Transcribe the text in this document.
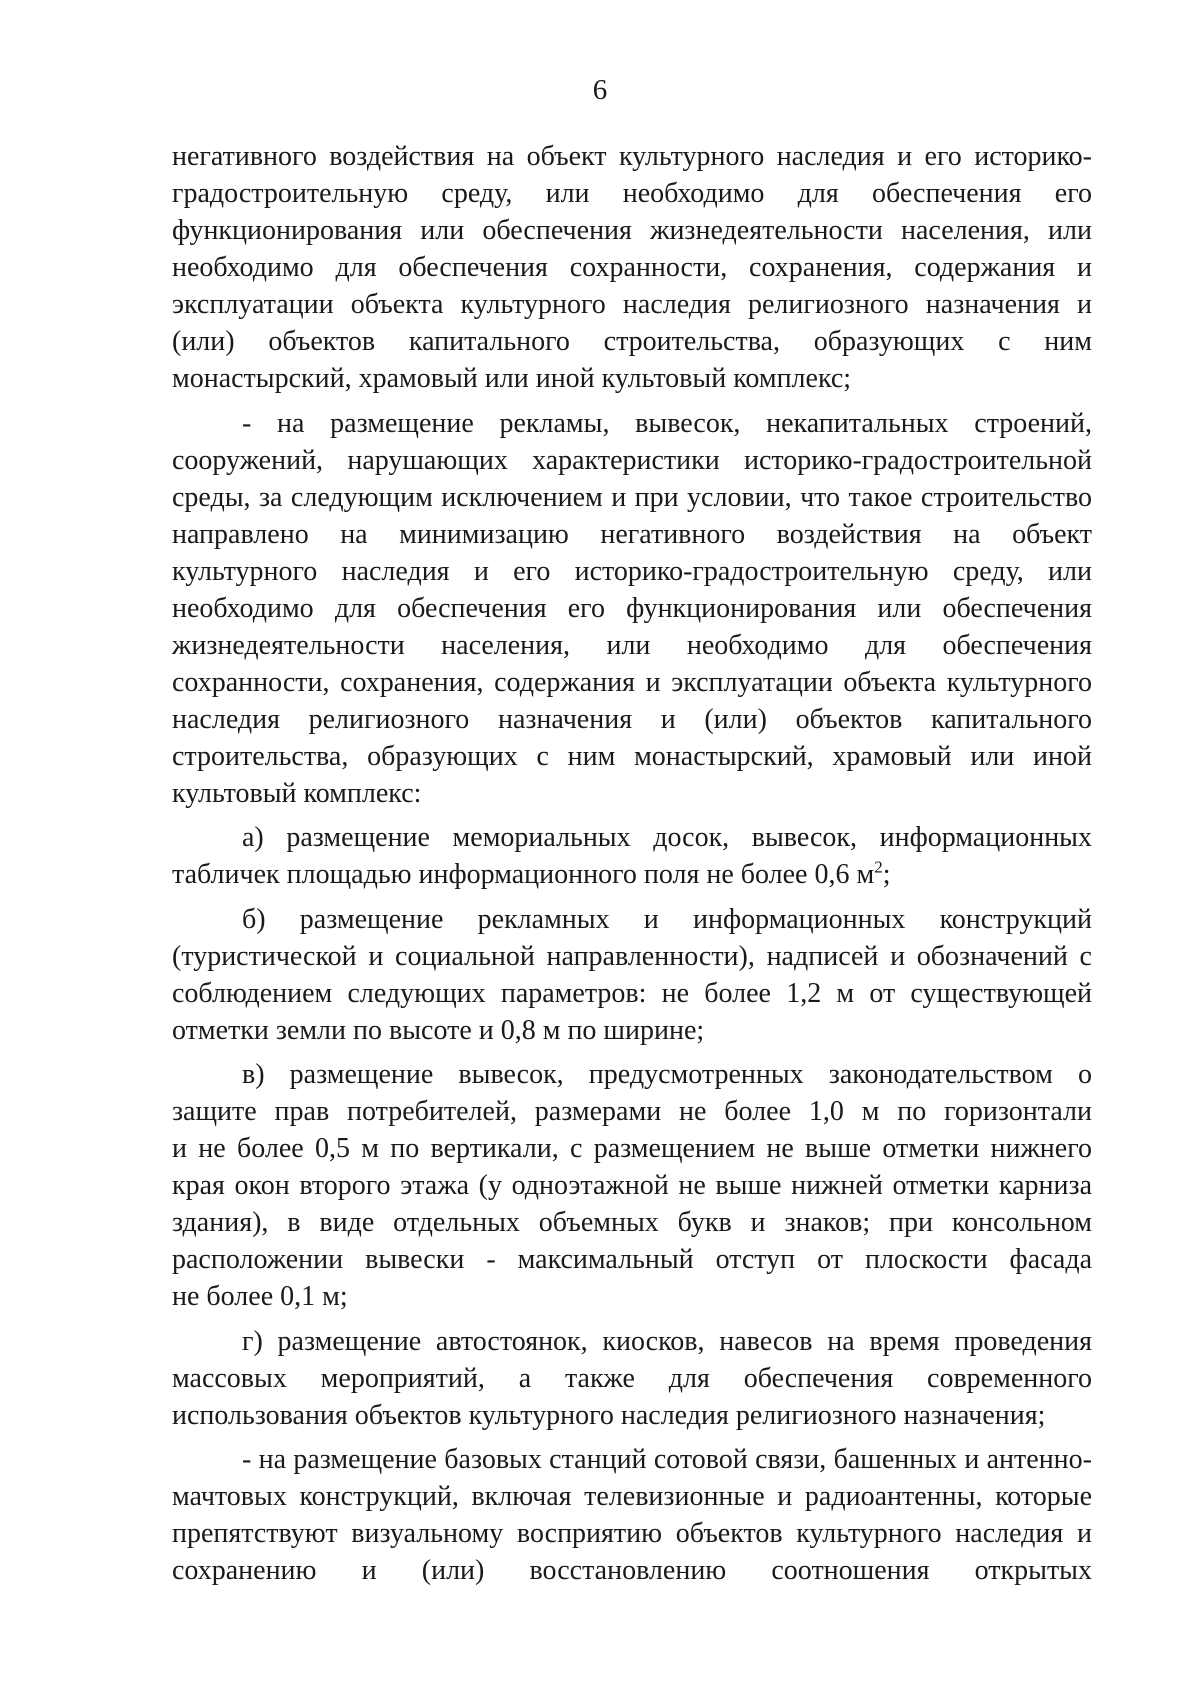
6
негативного воздействия на объект культурного наследия и его историко-
градостроительную среду, или необходимо для обеспечения его
функционирования или обеспечения жизнедеятельности населения, или
необходимо для обеспечения сохранности, сохранения, содержания и
эксплуатации объекта культурного наследия религиозного назначения и
(или) объектов капитального строительства, образующих с ним
монастырский, храмовый или иной культовый комплекс;
- на размещение рекламы, вывесок, некапитальных строений,
сооружений, нарушающих характеристики историко-градостроительной
среды, за следующим исключением и при условии, что такое строительство
направлено на минимизацию негативного воздействия на объект
культурного наследия и его историко-градостроительную среду, или
необходимо для обеспечения его функционирования или обеспечения
жизнедеятельности населения, или необходимо для обеспечения
сохранности, сохранения, содержания и эксплуатации объекта культурного
наследия религиозного назначения и (или) объектов капитального
строительства, образующих с ним монастырский, храмовый или иной
культовый комплекс:
а) размещение мемориальных досок, вывесок, информационных
табличек площадью информационного поля не более 0,6 $м^2$;
б) размещение рекламных и информационных конструкций
(туристической и социальной направленности), надписей и обозначений с
соблюдением следующих параметров: не более 1,2 м от существующей
отметки земли по высоте и 0,8 м по ширине;
в) размещение вывесок, предусмотренных законодательством о
защите прав потребителей, размерами не более 1,0 м по горизонтали
и не более 0,5 м по вертикали, с размещением не выше отметки нижнего
края окон второго этажа (у одноэтажной не выше нижней отметки карниза
здания), в виде отдельных объемных букв и знаков; при консольном
расположении вывески - максимальный отступ от плоскости фасада
не более 0,1 м;
г) размещение автостоянок, киосков, навесов на время проведения
массовых мероприятий, а также для обеспечения современного
использования объектов культурного наследия религиозного назначения;
- на размещение базовых станций сотовой связи, башенных и антенно-
мачтовых конструкций, включая телевизионные и радиоантенны, которые
препятствуют визуальному восприятию объектов культурного наследия и
сохранению и (или) восстановлению соотношения открытых
